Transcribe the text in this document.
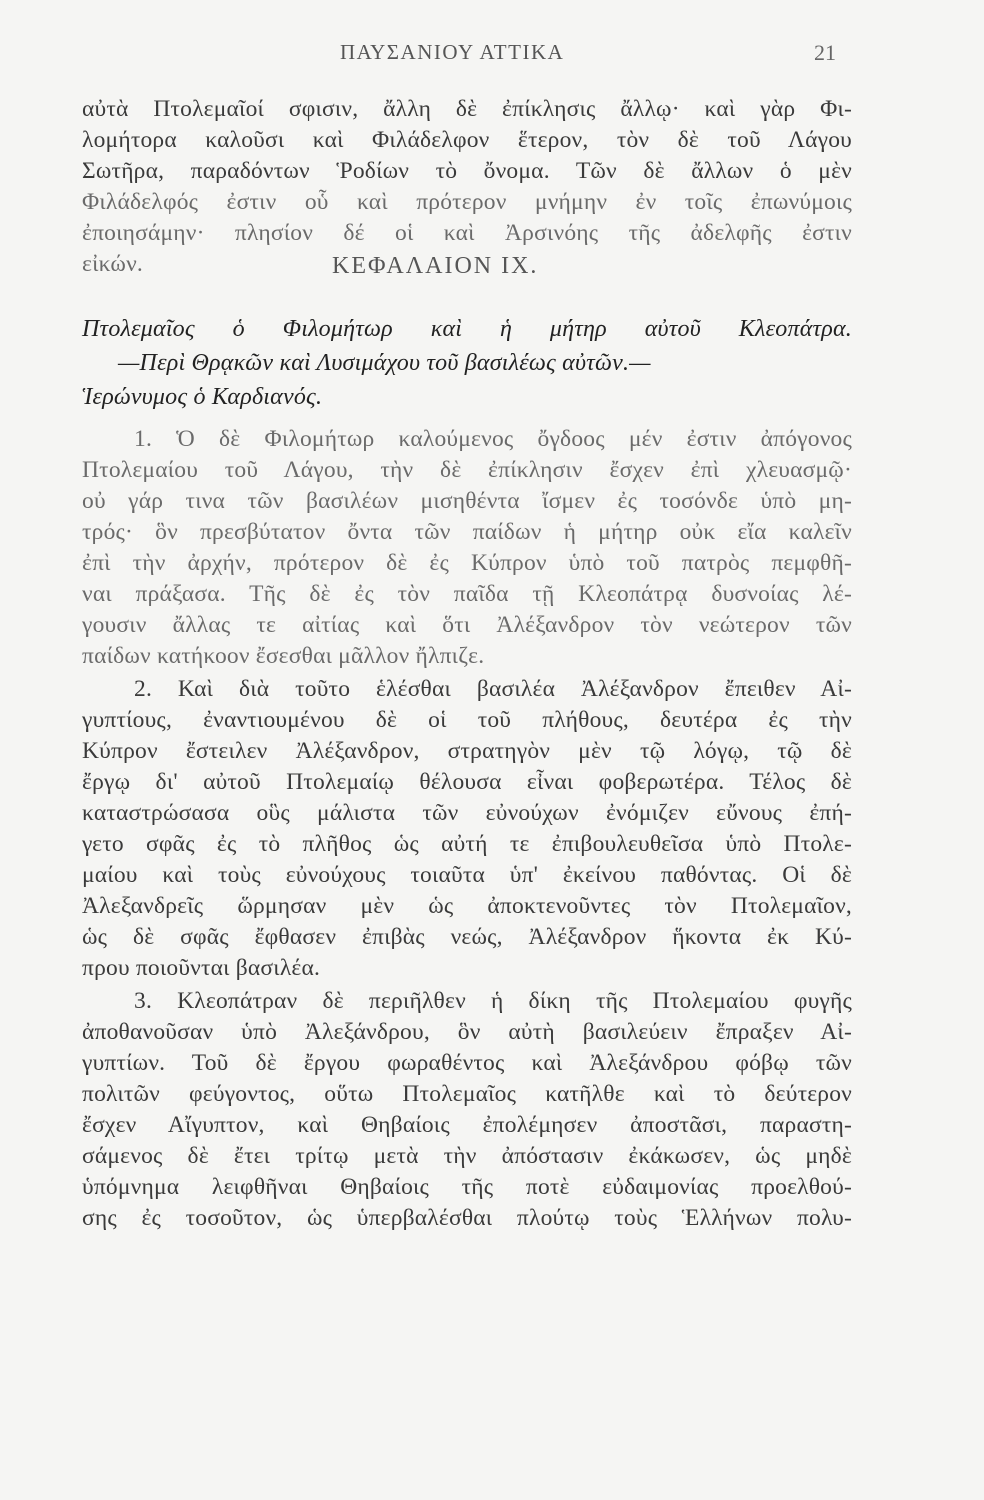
ΠΑΥΣΑΝΙΟΥ ΑΤΤΙΚΑ	21
αὐτὰ Πτολεμαῖοί σφισιν, ἄλλη δὲ ἐπίκλησις ἄλλῳ· καὶ γὰρ Φι-
λομήτορα καλοῦσι καὶ Φιλάδελφον ἕτερον, τὸν δὲ τοῦ Λάγου
Σωτῆρα, παραδόντων Ῥοδίων τὸ ὄνομα. Τῶν δὲ ἄλλων ὁ μὲν
Φιλάδελφός ἐστιν οὗ καὶ πρότερον μνήμην ἐν τοῖς ἐπωνύμοις
ἐποιησάμην· πλησίον δέ οἱ καὶ Ἀρσινόης τῆς ἀδελφῆς ἐστιν
εἰκών.	ΚΕΦΑΛΑΙΟΝ ΙΧ.
Πτολεμαῖος ὁ Φιλομήτωρ καὶ ἡ μήτηρ αὐτοῦ Κλεοπάτρα.
—Περὶ Θρᾳκῶν καὶ Λυσιμάχου τοῦ βασιλέως αὐτῶν.—
Ἱερώνυμος ὁ Καρδιανός.
1. Ὁ δὲ Φιλομήτωρ καλούμενος ὄγδοος μέν ἐστιν ἀπόγονος
Πτολεμαίου τοῦ Λάγου, τὴν δὲ ἐπίκλησιν ἔσχεν ἐπὶ χλευασμῷ·
οὐ γάρ τινα τῶν βασιλέων μισηθέντα ἴσμεν ἐς τοσόνδε ὑπὸ μη-
τρός· ὃν πρεσβύτατον ὄντα τῶν παίδων ἡ μήτηρ οὐκ εἴα καλεῖν
ἐπὶ τὴν ἀρχήν, πρότερον δὲ ἐς Κύπρον ὑπὸ τοῦ πατρὸς πεμφθῆ-
ναι πράξασα. Τῆς δὲ ἐς τὸν παῖδα τῇ Κλεοπάτρᾳ δυσνοίας λέ-
γουσιν ἄλλας τε αἰτίας καὶ ὅτι Ἀλέξανδρον τὸν νεώτερον τῶν
παίδων κατήκοον ἔσεσθαι μᾶλλον ἤλπιζε.
2. Καὶ διὰ τοῦτο ἑλέσθαι βασιλέα Ἀλέξανδρον ἔπειθεν Αἰ-
γυπτίους, ἐναντιουμένου δὲ οἱ τοῦ πλήθους, δευτέρα ἐς τὴν
Κύπρον ἔστειλεν Ἀλέξανδρον, στρατηγὸν μὲν τῷ λόγῳ, τῷ δὲ
ἔργῳ δι' αὐτοῦ Πτολεμαίῳ θέλουσα εἶναι φοβερωτέρα. Τέλος δὲ
καταστρώσασα οὓς μάλιστα τῶν εὐνούχων ἐνόμιζεν εὔνους ἐπή-
γετο σφᾶς ἐς τὸ πλῆθος ὡς αὐτή τε ἐπιβουλευθεῖσα ὑπὸ Πτολε-
μαίου καὶ τοὺς εὐνούχους τοιαῦτα ὑπ' ἐκείνου παθόντας. Οἱ δὲ
Ἀλεξανδρεῖς ὥρμησαν μὲν ὡς ἀποκτενοῦντες τὸν Πτολεμαῖον,
ὡς δὲ σφᾶς ἔφθασεν ἐπιβὰς νεώς, Ἀλέξανδρον ἥκοντα ἐκ Κύ-
πρου ποιοῦνται βασιλέα.
3. Κλεοπάτραν δὲ περιῆλθεν ἡ δίκη τῆς Πτολεμαίου φυγῆς
ἀποθανοῦσαν ὑπὸ Ἀλεξάνδρου, ὃν αὐτὴ βασιλεύειν ἔπραξεν Αἰ-
γυπτίων. Τοῦ δὲ ἔργου φωραθέντος καὶ Ἀλεξάνδρου φόβῳ τῶν
πολιτῶν φεύγοντος, οὕτω Πτολεμαῖος κατῆλθε καὶ τὸ δεύτερον
ἔσχεν Αἴγυπτον, καὶ Θηβαίοις ἐπολέμησεν ἀποστᾶσι, παραστη-
σάμενος δὲ ἔτει τρίτῳ μετὰ τὴν ἀπόστασιν ἐκάκωσεν, ὡς μηδὲ
ὑπόμνημα λειφθῆναι Θηβαίοις τῆς ποτὲ εὐδαιμονίας προελθού-
σης ἐς τοσοῦτον, ὡς ὑπερβαλέσθαι πλούτῳ τοὺς Ἑλλήνων πολυ-
